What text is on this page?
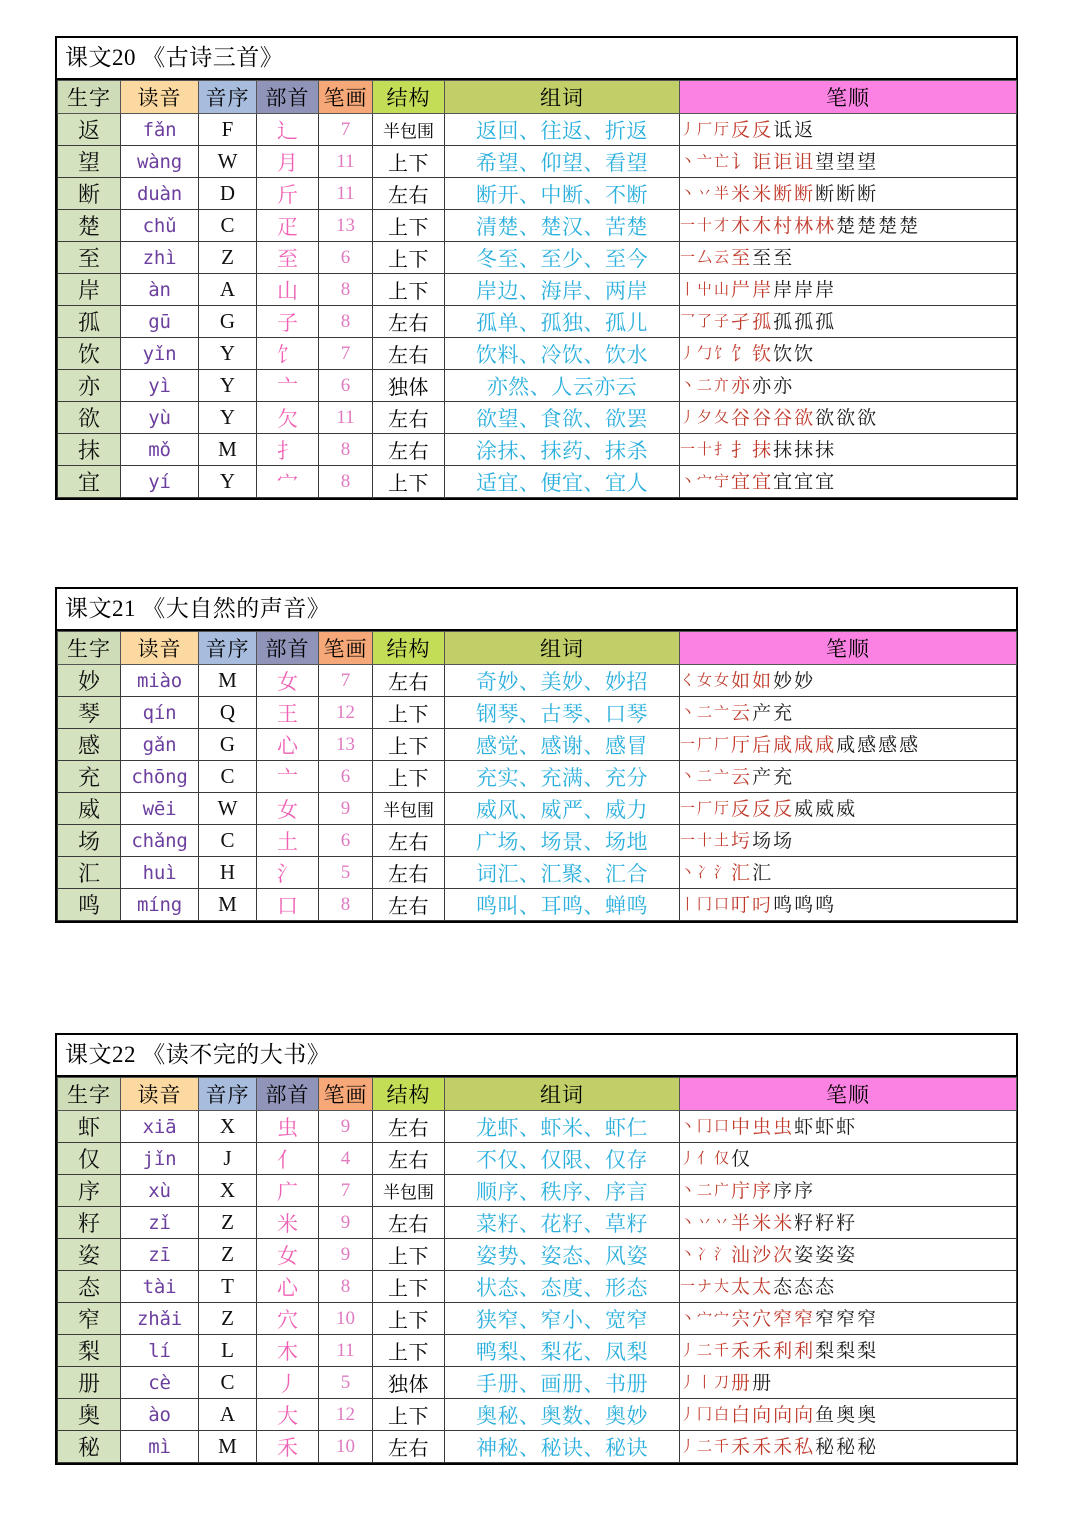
课文20 《古诗三首》
生字	读音	音序	部首	笔画	结构	组词	笔顺
返	fǎn	F	辶	7	半包围	返回、往返、折返	丿 厂 厅 反 反 诋 返

望	wàng	W	月	11	上下	希望、仰望、看望	丶 亠 亡 讠 讵 讵 诅 望 望 望

断	duàn	D	斤	11	左右	断开、中断、不断	丶 丷 半 米 米 断 断 断 断 断

楚	chǔ	C	疋	13	上下	清楚、楚汉、苦楚	一 十 才 木 木 村 林 林 楚 楚 楚 楚

至	zhì	Z	至	6	上下	冬至、至少、至今	一 厶 云 至 至 至

岸	àn	A	山	8	上下	岸边、海岸、两岸	丨 屮 山 屵 岸 岸 岸 岸

孤	gū	G	子	8	左右	孤单、孤独、孤儿	乛 了 子 孑 孤 孤 孤 孤

饮	yǐn	Y	饣	7	左右	饮料、冷饮、饮水	丿 勹 饣 饣 钦 饮 饮

亦	yì	Y	亠	6	独体	亦然、人云亦云	丶 二 亣 亦 亦 亦

欲	yù	Y	欠	11	左右	欲望、食欲、欲罢	丿 夕 夂 谷 谷 谷 欲 欲 欲 欲

抹	mǒ	M	扌	8	左右	涂抹、抹药、抹杀	一 十 扌 扌 抹 抹 抹 抹

宜	yí	Y	宀	8	上下	适宜、便宜、宜人	丶 宀 宁 宜 宜 宜 宜 宜
课文21 《大自然的声音》
生字	读音	音序	部首	笔画	结构	组词	笔顺
妙	miào	M	女	7	左右	奇妙、美妙、妙招	く 女 女 如 如 妙 妙

琴	qín	Q	王	12	上下	钢琴、古琴、口琴	丶 二 亠 云 产 充

感	gǎn	G	心	13	上下	感觉、感谢、感冒	一 厂 厂 厅 后 咸 咸 咸 咸 感 感 感

充	chōng	C	亠	6	上下	充实、充满、充分	丶 二 亠 云 产 充

威	wēi	W	女	9	半包围	威风、威严、威力	一 厂 厅 反 反 反 威 威 威

场	chǎng	C	土	6	左右	广场、场景、场地	一 十 土 圬 场 场

汇	huì	H	氵	5	左右	词汇、汇聚、汇合	丶 冫 氵 汇 汇

鸣	míng	M	口	8	左右	鸣叫、耳鸣、蝉鸣	丨 冂 口 叮 叼 鸣 鸣 鸣
课文22 《读不完的大书》
生字	读音	音序	部首	笔画	结构	组词	笔顺
虾	xiā	X	虫	9	左右	龙虾、虾米、虾仁	丶 冂 口 中 虫 虫 虾 虾 虾

仅	jǐn	J	亻	4	左右	不仅、仅限、仅存	丿 亻 仅 仅

序	xù	X	广	7	半包围	顺序、秩序、序言	丶 二 广 庁 序 序 序

籽	zǐ	Z	米	9	左右	菜籽、花籽、草籽	丶 丷 丷 半 米 米 籽 籽 籽

姿	zī	Z	女	9	上下	姿势、姿态、风姿	丶 冫 氵 汕 沙 次 姿 姿 姿

态	tài	T	心	8	上下	状态、态度、形态	一 ナ 大 太 太 态 态 态

窄	zhǎi	Z	穴	10	上下	狭窄、窄小、宽窄	丶 宀 宀 宍 穴 窄 窄 窄 窄 窄

梨	lí	L	木	11	上下	鸭梨、梨花、凤梨	丿 二 千 禾 禾 利 利 梨 梨 梨

册	cè	C	丿	5	独体	手册、画册、书册	丿 丨 刀 册 册

奥	ào	A	大	12	上下	奥秘、奥数、奥妙	丿 冂 白 白 向 向 向 鱼 奥 奥

秘	mì	M	禾	10	左右	神秘、秘诀、秘诀	丿 二 千 禾 禾 禾 私 秘 秘 秘
